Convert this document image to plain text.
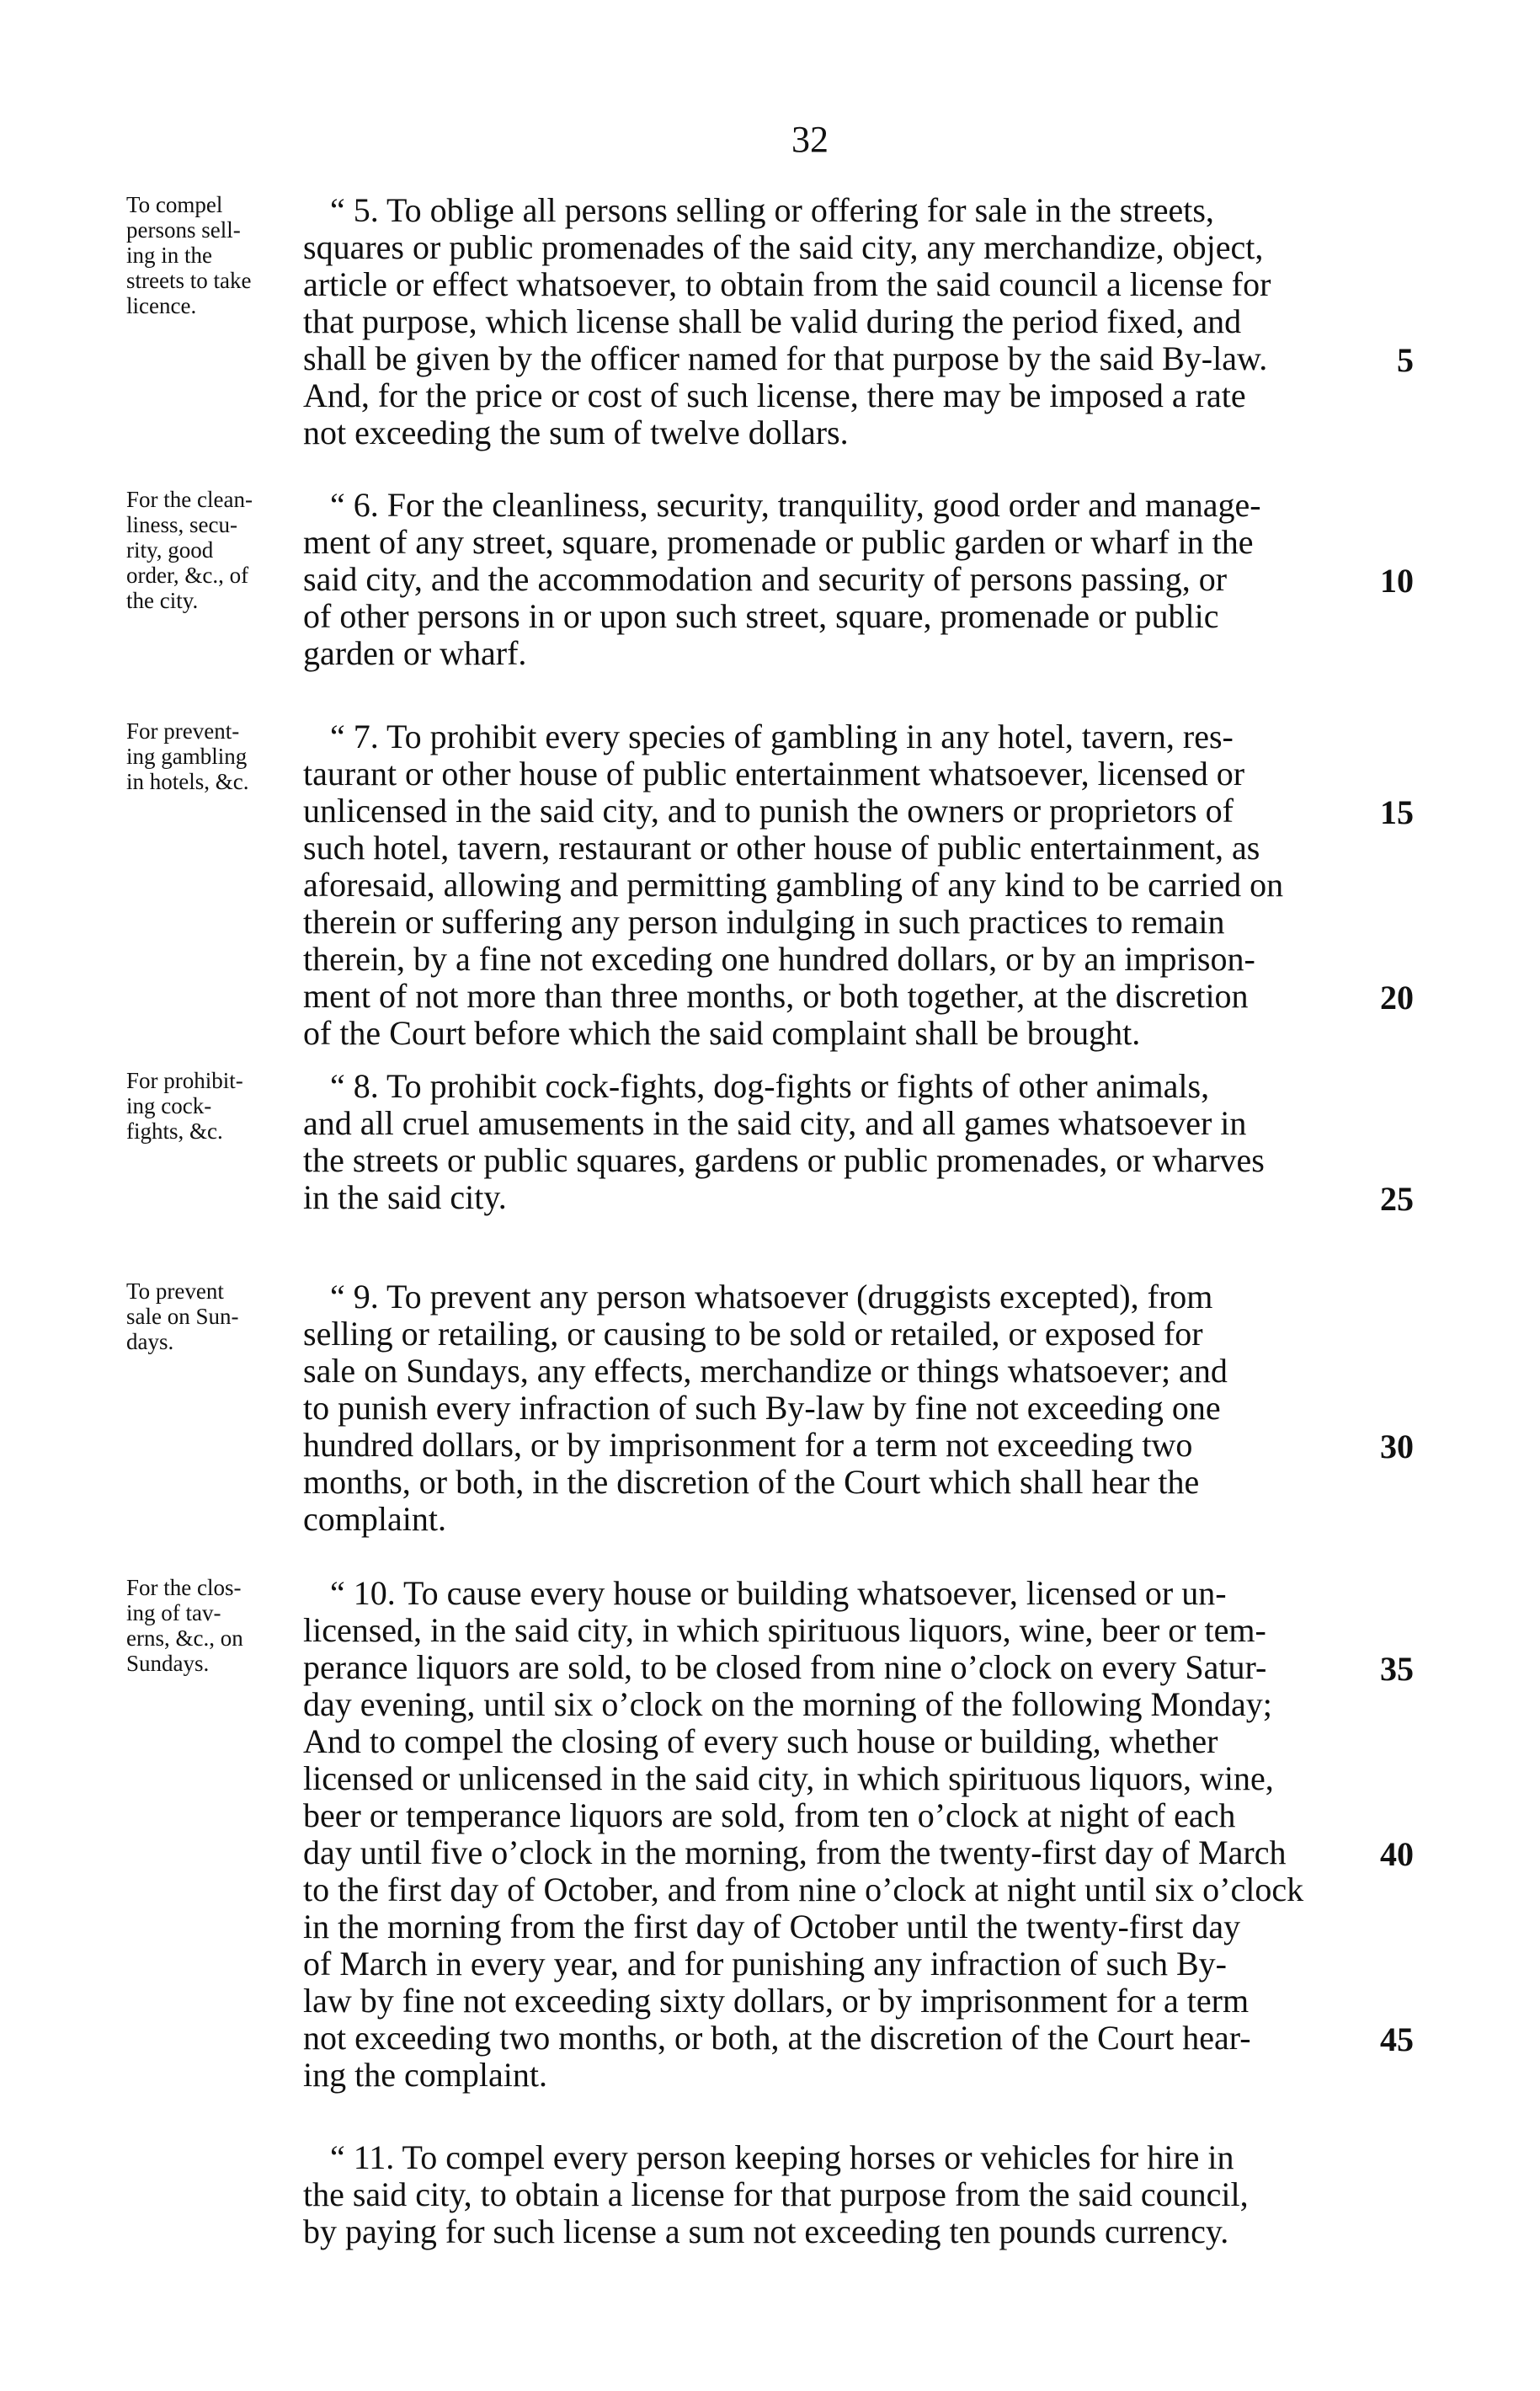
32
To compel
persons sell-
ing in the
streets to take
licence.
“ 5. To oblige all persons selling or offering for sale in the streets,
squares or public promenades of the said city, any merchandize, object,
article or effect whatsoever, to obtain from the said council a license for
that purpose, which license shall be valid during the period fixed, and
shall be given by the officer named for that purpose by the said By-law.	5
And, for the price or cost of such license, there may be imposed a rate
not exceeding the sum of twelve dollars.
For the clean-
liness, secu-
rity, good
order, &c., of
the city.
“ 6. For the cleanliness, security, tranquility, good order and manage-
ment of any street, square, promenade or public garden or wharf in the
said city, and the accommodation and security of persons passing, or	10
of other persons in or upon such street, square, promenade or public
garden or wharf.
For prevent-
ing gambling
in hotels, &c.
“ 7. To prohibit every species of gambling in any hotel, tavern, res-
taurant or other house of public entertainment whatsoever, licensed or
unlicensed in the said city, and to punish the owners or proprietors of	15
such hotel, tavern, restaurant or other house of public entertainment, as
aforesaid, allowing and permitting gambling of any kind to be carried on
therein or suffering any person indulging in such practices to remain
therein, by a fine not exceding one hundred dollars, or by an imprison-
ment of not more than three months, or both together, at the discretion	20
of the Court before which the said complaint shall be brought.
For prohibit-
ing cock-
fights, &c.
“ 8. To prohibit cock-fights, dog-fights or fights of other animals,
and all cruel amusements in the said city, and all games whatsoever in
the streets or public squares, gardens or public promenades, or wharves
in the said city.	25
To prevent
sale on Sun-
days.
“ 9. To prevent any person whatsoever (druggists excepted), from
selling or retailing, or causing to be sold or retailed, or exposed for
sale on Sundays, any effects, merchandize or things whatsoever; and
to punish every infraction of such By-law by fine not exceeding one
hundred dollars, or by imprisonment for a term not exceeding two	30
months, or both, in the discretion of the Court which shall hear the
complaint.
For the clos-
ing of tav-
erns, &c., on
Sundays.
“ 10. To cause every house or building whatsoever, licensed or un-
licensed, in the said city, in which spirituous liquors, wine, beer or tem-
perance liquors are sold, to be closed from nine o’clock on every Satur-	35
day evening, until six o’clock on the morning of the following Monday;
And to compel the closing of every such house or building, whether
licensed or unlicensed in the said city, in which spirituous liquors, wine,
beer or temperance liquors are sold, from ten o’clock at night of each
day until five o’clock in the morning, from the twenty-first day of March	40
to the first day of October, and from nine o’clock at night until six o’clock
in the morning from the first day of October until the twenty-first day
of March in every year, and for punishing any infraction of such By-
law by fine not exceeding sixty dollars, or by imprisonment for a term
not exceeding two months, or both, at the discretion of the Court hear-	45
ing the complaint.
“ 11. To compel every person keeping horses or vehicles for hire in
the said city, to obtain a license for that purpose from the said council,
by paying for such license a sum not exceeding ten pounds currency.
